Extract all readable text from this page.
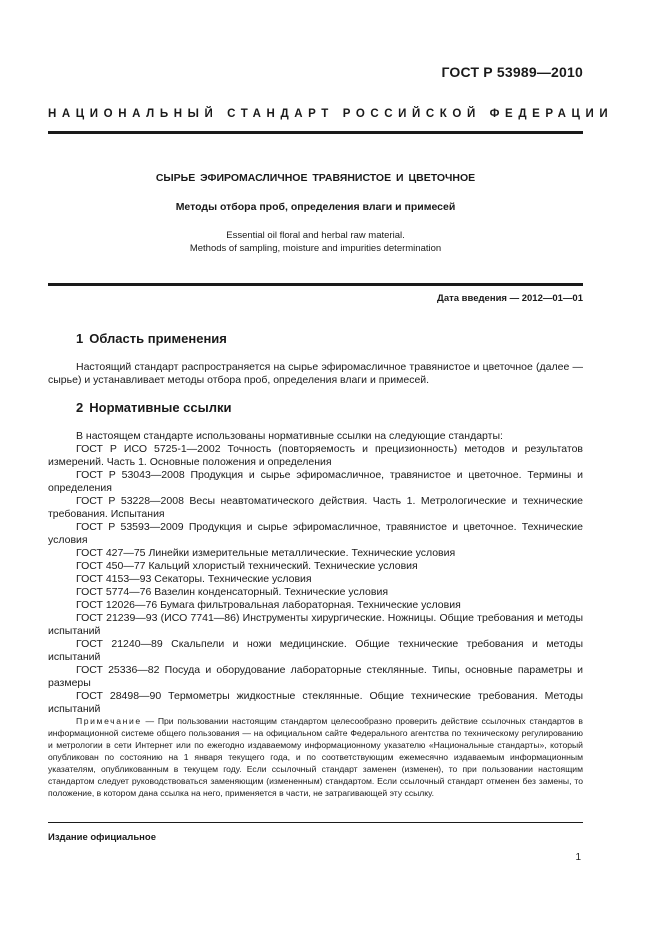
ГОСТ Р 53989—2010
НАЦИОНАЛЬНЫЙ СТАНДАРТ РОССИЙСКОЙ ФЕДЕРАЦИИ
СЫРЬЕ ЭФИРОМАСЛИЧНОЕ ТРАВЯНИСТОЕ И ЦВЕТОЧНОЕ
Методы отбора проб, определения влаги и примесей
Essential oil floral and herbal raw material.
Methods of sampling, moisture and impurities determination
Дата введения — 2012—01—01
1 Область применения

Настоящий стандарт распространяется на сырье эфиромасличное травянистое и цветочное (далее — сырье) и устанавливает методы отбора проб, определения влаги и примесей.

2 Нормативные ссылки

В настоящем стандарте использованы нормативные ссылки на следующие стандарты:

ГОСТ Р ИСО 5725-1—2002 Точность (повторяемость и прецизионность) методов и результатов измерений. Часть 1. Основные положения и определения

ГОСТ Р 53043—2008 Продукция и сырье эфиромасличное, травянистое и цветочное. Термины и определения

ГОСТ Р 53228—2008 Весы неавтоматического действия. Часть 1. Метрологические и технические требования. Испытания

ГОСТ Р 53593—2009 Продукция и сырье эфиромасличное, травянистое и цветочное. Технические условия

ГОСТ 427—75 Линейки измерительные металлические. Технические условия

ГОСТ 450—77 Кальций хлористый технический. Технические условия

ГОСТ 4153—93 Секаторы. Технические условия

ГОСТ 5774—76 Вазелин конденсаторный. Технические условия

ГОСТ 12026—76 Бумага фильтровальная лабораторная. Технические условия

ГОСТ 21239—93 (ИСО 7741—86) Инструменты хирургические. Ножницы. Общие требования и методы испытаний

ГОСТ 21240—89 Скальпели и ножи медицинские. Общие технические требования и методы испытаний

ГОСТ 25336—82 Посуда и оборудование лабораторные стеклянные. Типы, основные параметры и размеры

ГОСТ 28498—90 Термометры жидкостные стеклянные. Общие технические требования. Методы испытаний

Примечание — При пользовании настоящим стандартом целесообразно проверить действие ссылочных стандартов в информационной системе общего пользования — на официальном сайте Федерального агентства по техническому регулированию и метрологии в сети Интернет или по ежегодно издаваемому информационному указателю «Национальные стандарты», который опубликован по состоянию на 1 января текущего года, и по соответствующим ежемесячно издаваемым информационным указателям, опубликованным в текущем году. Если ссылочный стандарт заменен (изменен), то при пользовании настоящим стандартом следует руководствоваться заменяющим (измененным) стандартом. Если ссылочный стандарт отменен без замены, то положение, в котором дана ссылка на него, применяется в части, не затрагивающей эту ссылку.

Издание официальное
1
